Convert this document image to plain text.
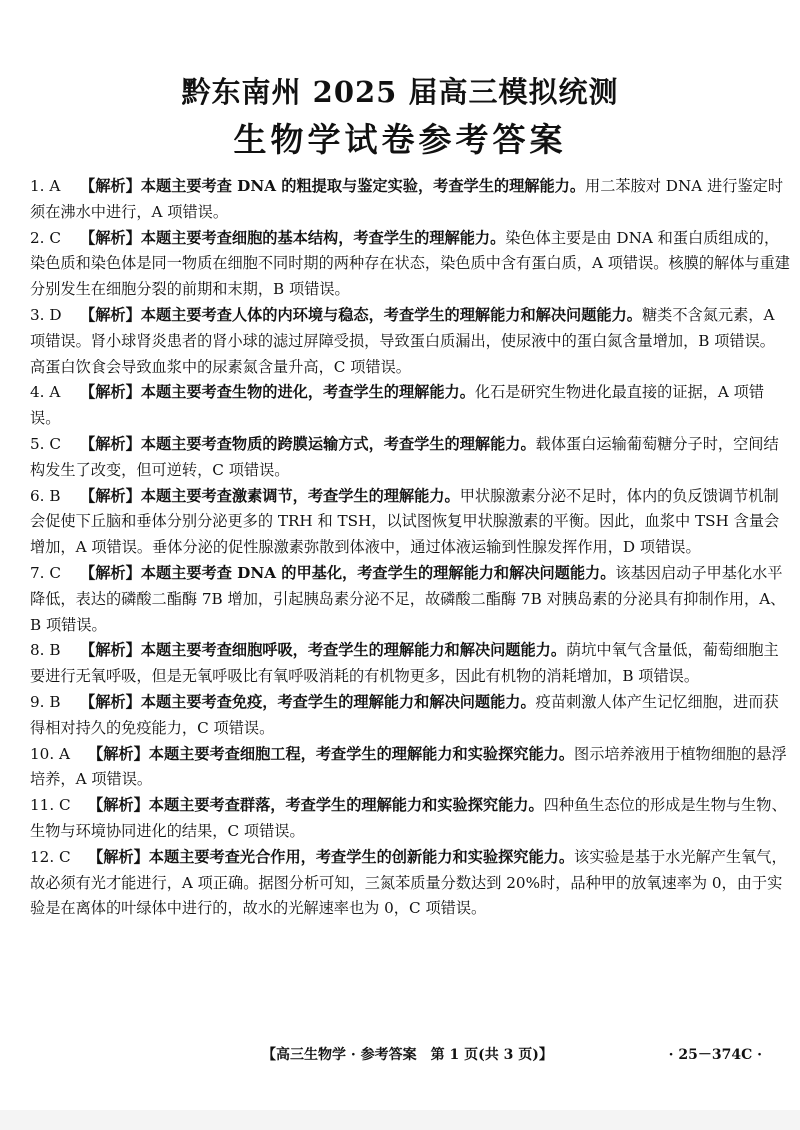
黔东南州 2025 届高三模拟统测
生物学试卷参考答案
1. A	【解析】本题主要考查 DNA 的粗提取与鉴定实验，考查学生的理解能力。用二苯胺对 DNA 进行鉴定时须在沸水中进行，A 项错误。
2. C	【解析】本题主要考查细胞的基本结构，考查学生的理解能力。染色体主要是由 DNA 和蛋白质组成的，染色质和染色体是同一物质在细胞不同时期的两种存在状态，染色质中含有蛋白质，A 项错误。核膜的解体与重建分别发生在细胞分裂的前期和末期，B 项错误。
3. D	【解析】本题主要考查人体的内环境与稳态，考查学生的理解能力和解决问题能力。糖类不含氮元素，A 项错误。肾小球肾炎患者的肾小球的滤过屏障受损，导致蛋白质漏出，使尿液中的蛋白氮含量增加，B 项错误。高蛋白饮食会导致血浆中的尿素氮含量升高，C 项错误。
4. A	【解析】本题主要考查生物的进化，考查学生的理解能力。化石是研究生物进化最直接的证据，A 项错误。
5. C	【解析】本题主要考查物质的跨膜运输方式，考查学生的理解能力。载体蛋白运输葡萄糖分子时，空间结构发生了改变，但可逆转，C 项错误。
6. B	【解析】本题主要考查激素调节，考查学生的理解能力。甲状腺激素分泌不足时，体内的负反馈调节机制会促使下丘脑和垂体分别分泌更多的 TRH 和 TSH，以试图恢复甲状腺激素的平衡。因此，血浆中 TSH 含量会增加，A 项错误。垂体分泌的促性腺激素弥散到体液中，通过体液运输到性腺发挥作用，D 项错误。
7. C	【解析】本题主要考查 DNA 的甲基化，考查学生的理解能力和解决问题能力。该基因启动子甲基化水平降低，表达的磷酸二酯酶 7B 增加，引起胰岛素分泌不足，故磷酸二酯酶 7B 对胰岛素的分泌具有抑制作用，A、B 项错误。
8. B	【解析】本题主要考查细胞呼吸，考查学生的理解能力和解决问题能力。荫坑中氧气含量低，葡萄细胞主要进行无氧呼吸，但是无氧呼吸比有氧呼吸消耗的有机物更多，因此有机物的消耗增加，B 项错误。
9. B	【解析】本题主要考查免疫，考查学生的理解能力和解决问题能力。疫苗刺激人体产生记忆细胞，进而获得相对持久的免疫能力，C 项错误。
10. A	【解析】本题主要考查细胞工程，考查学生的理解能力和实验探究能力。图示培养液用于植物细胞的悬浮培养，A 项错误。
11. C	【解析】本题主要考查群落，考查学生的理解能力和实验探究能力。四种鱼生态位的形成是生物与生物、生物与环境协同进化的结果，C 项错误。
12. C	【解析】本题主要考查光合作用，考查学生的创新能力和实验探究能力。该实验是基于水光解产生氧气，故必须有光才能进行，A 项正确。据图分析可知，三氮苯质量分数达到 20%时，品种甲的放氧速率为 0，由于实验是在离体的叶绿体中进行的，故水的光解速率也为 0，C 项错误。
【高三生物学 · 参考答案　第 1 页(共 3 页)】	· 25－374C ·
